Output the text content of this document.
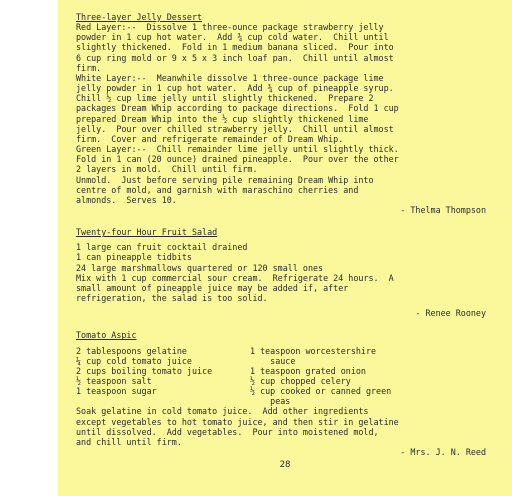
Three-layer Jelly Dessert

Red Layer:--  Dissolve 1 three-ounce package strawberry jelly

powder in 1 cup hot water.  Add ¾ cup cold water.  Chill until

slightly thickened.  Fold in 1 medium banana sliced.  Pour into

6 cup ring mold or 9 x 5 x 3 inch loaf pan.  Chill until almost

firm.

White Layer:--  Meanwhile dissolve 1 three-ounce package lime

jelly powder in 1 cup hot water.  Add ¾ cup of pineapple syrup.

Chill ½ cup lime jelly until slightly thickened.  Prepare 2

packages Dream Whip according to package directions.  Fold 1 cup

prepared Dream Whip into the ½ cup slightly thickened lime

jelly.  Pour over chilled strawberry jelly.  Chill until almost

firm.  Cover and refrigerate remainder of Dream Whip.

Green Layer:--  Chill remainder lime jelly until slightly thick.

Fold in 1 can (20 ounce) drained pineapple.  Pour over the other

2 layers in mold.  Chill until firm.

Unmold.  Just before serving pile remaining Dream Whip into

centre of mold, and garnish with maraschino cherries and

almonds.  Serves 10.

- Thelma Thompson

Twenty-four Hour Fruit Salad

1 large can fruit cocktail drained

1 can pineapple tidbits

24 large marshmallows quartered or 120 small ones

Mix with 1 cup commercial sour cream.  Refrigerate 24 hours.  A

small amount of pineapple juice may be added if, after

refrigeration, the salad is too solid.

- Renee Rooney

Tomato Aspic

2 tablespoons gelatine

¼ cup cold tomato juice

2 cups boiling tomato juice

½ teaspoon salt

1 teaspoon sugar

1 teaspoon worcestershire

sauce

1 teaspoon grated onion

½ cup chopped celery

½ cup cooked or canned green

peas

Soak gelatine in cold tomato juice.  Add other ingredients

except vegetables to hot tomato juice, and then stir in gelatine

until dissolved.  Add vegetables.  Pour into moistened mold,

and chill until firm.

- Mrs. J. N. Reed

28
